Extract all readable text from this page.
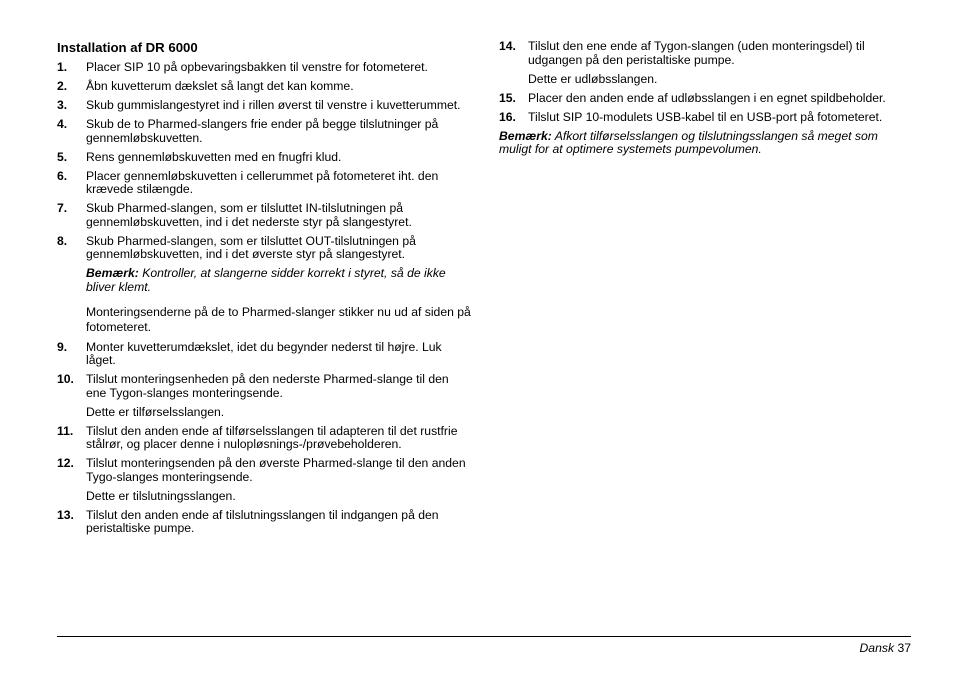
Installation af DR 6000
1.	Placer SIP 10 på opbevaringsbakken til venstre for fotometeret.
2.	Åbn kuvetterum dækslet så langt det kan komme.
3.	Skub gummislangestyret ind i rillen øverst til venstre i kuvetterummet.
4.	Skub de to Pharmed-slangers frie ender på begge tilslutninger på gennemløbskuvetten.
5.	Rens gennemløbskuvetten med en fnugfri klud.
6.	Placer gennemløbskuvetten i cellerummet på fotometeret iht. den krævede stilængde.
7.	Skub Pharmed-slangen, som er tilsluttet IN-tilslutningen på gennemløbskuvetten, ind i det nederste styr på slangestyret.
8.	Skub Pharmed-slangen, som er tilsluttet OUT-tilslutningen på gennemløbskuvetten, ind i det øverste styr på slangestyret.
Bemærk: Kontroller, at slangerne sidder korrekt i styret, så de ikke bliver klemt.
Monteringsenderne på de to Pharmed-slanger stikker nu ud af siden på fotometeret.
9.	Monter kuvetterumdækslet, idet du begynder nederst til højre. Luk låget.
10. Tilslut monteringsenheden på den nederste Pharmed-slange til den ene Tygon-slanges monteringsende.
Dette er tilførselsslangen.
11.	Tilslut den anden ende af tilførselsslangen til adapteren til det rustfrie stålrør, og placer denne i nulopløsnings-/prøvebeholderen.
12. Tilslut monteringsenden på den øverste Pharmed-slange til den anden Tygo-slanges monteringsende.
Dette er tilslutningsslangen.
13. Tilslut den anden ende af tilslutningsslangen til indgangen på den peristaltiske pumpe.
14. Tilslut den ene ende af Tygon-slangen (uden monteringsdel) til udgangen på den peristaltiske pumpe.
Dette er udløbsslangen.
15. Placer den anden ende af udløbsslangen i en egnet spildbeholder.
16. Tilslut SIP 10-modulets USB-kabel til en USB-port på fotometeret.
Bemærk: Afkort tilførselsslangen og tilslutningsslangen så meget som muligt for at optimere systemets pumpevolumen.
Dansk 37
